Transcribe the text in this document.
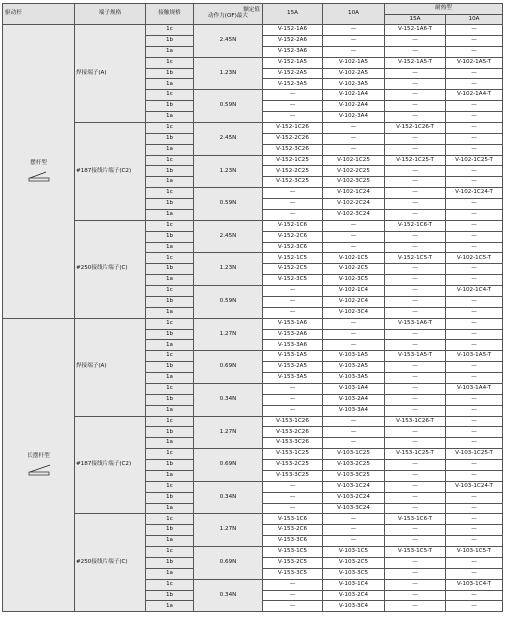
驱动杆	端子规格	接触规格	额定值
动作力(OF)最大	15A	10A	耐热型	
						15A	10A

摆杆型	焊接端子(A)	1c	2.45N	V-152-1A6	—	V-152-1A6-T	—
		1b		V-152-2A6	—	—	—
		1a		V-152-3A6	—	—	—
		1c	1.23N	V-152-1A5	V-102-1A5	V-152-1A5-T	V-102-1A5-T
		1b		V-152-2A5	V-102-2A5	—	—
		1a		V-152-3A5	V-102-3A5	—	—
		1c	0.59N	—	V-102-1A4	—	V-102-1A4-T
		1b		—	V-102-2A4	—	—
		1a		—	V-102-3A4	—	—
	#187接线片端子(C2)	1c	2.45N	V-152-1C26	—	V-152-1C26-T	—
		1b		V-152-2C26	—	—	—
		1a		V-152-3C26	—	—	—
		1c	1.23N	V-152-1C25	V-102-1C25	V-152-1C25-T	V-102-1C25-T
		1b		V-152-2C25	V-102-2C25	—	—
		1a		V-152-3C25	V-102-3C25	—	—
		1c	0.59N	—	V-102-1C24	—	V-102-1C24-T
		1b		—	V-102-2C24	—	—
		1a		—	V-102-3C24	—	—
	#250接线片端子(C)	1c	2.45N	V-152-1C6	—	V-152-1C6-T	—
		1b		V-152-2C6	—	—	—
		1a		V-152-3C6	—	—	—
		1c	1.23N	V-152-1C5	V-102-1C5	V-152-1C5-T	V-102-1C5-T
		1b		V-152-2C5	V-102-2C5	—	—
		1a		V-152-3C5	V-102-3C5	—	—
		1c	0.59N	—	V-102-1C4	—	V-102-1C4-T
		1b		—	V-102-2C4	—	—
		1a		—	V-102-3C4	—	—

长摆杆型	焊接端子(A)	1c	1.27N	V-153-1A6	—	V-153-1A6-T	—
		1b		V-153-2A6	—	—	—
		1a		V-153-3A6	—	—	—
		1c	0.69N	V-153-1A5	V-103-1A5	V-153-1A5-T	V-103-1A5-T
		1b		V-153-2A5	V-103-2A5	—	—
		1a		V-153-3A5	V-103-3A5	—	—
		1c	0.34N	—	V-103-1A4	—	V-103-1A4-T
		1b		—	V-103-2A4	—	—
		1a		—	V-103-3A4	—	—
	#187接线片端子(C2)	1c	1.27N	V-153-1C26	—	V-153-1C26-T	—
		1b		V-153-2C26	—	—	—
		1a		V-153-3C26	—	—	—
		1c	0.69N	V-153-1C25	V-103-1C25	V-153-1C25-T	V-103-1C25-T
		1b		V-153-2C25	V-103-2C25	—	—
		1a		V-153-3C25	V-103-3C25	—	—
		1c	0.34N	—	V-103-1C24	—	V-103-1C24-T
		1b		—	V-103-2C24	—	—
		1a		—	V-103-3C24	—	—
	#250接线片端子(C)	1c	1.27N	V-153-1C6	—	V-153-1C6-T	—
		1b		V-153-2C6	—	—	—
		1a		V-153-3C6	—	—	—
		1c	0.69N	V-153-1C5	V-103-1C5	V-153-1C5-T	V-103-1C5-T
		1b		V-153-2C5	V-103-2C5	—	—
		1a		V-153-3C5	V-103-3C5	—	—
		1c	0.34N	—	V-103-1C4	—	V-103-1C4-T
		1b		—	V-103-2C4	—	—
		1a		—	V-103-3C4	—	—
